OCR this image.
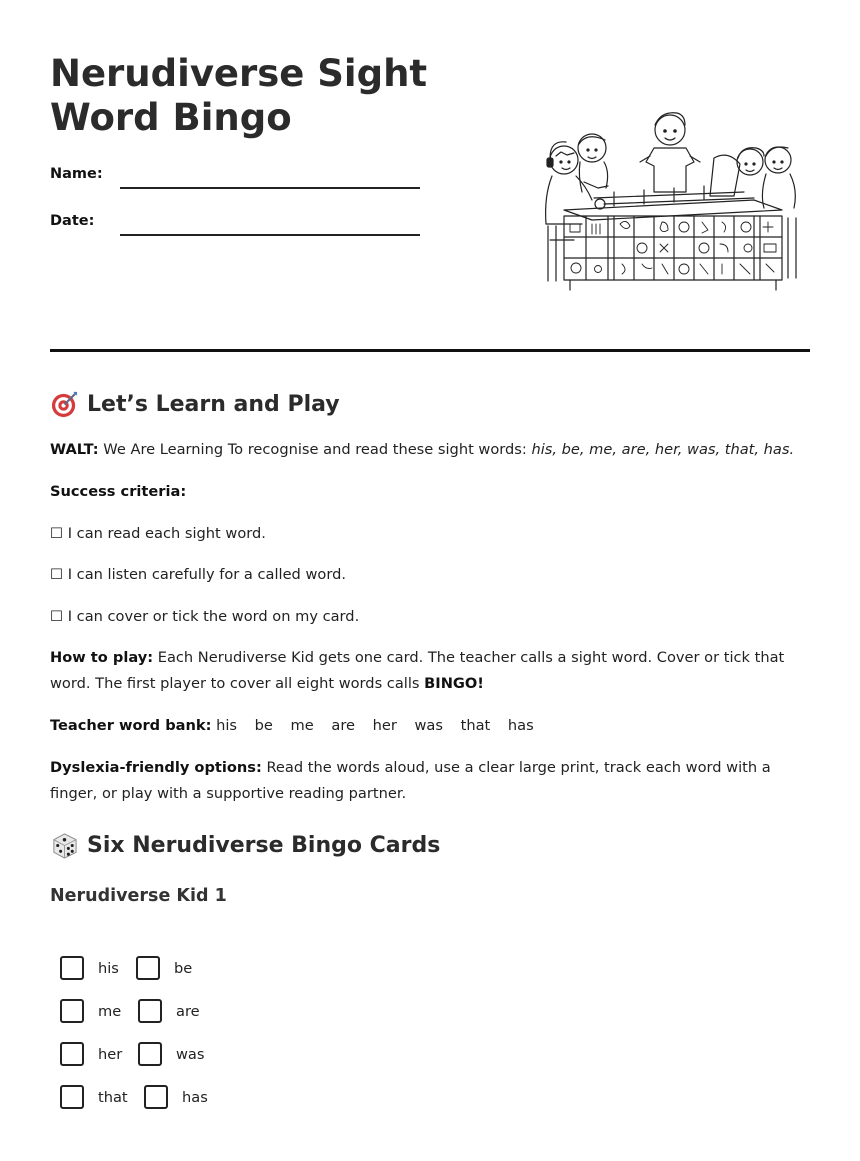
Nerudiverse Sight Word Bingo
Name:
Date:
Let’s Learn and Play

WALT: We Are Learning To recognise and read these sight words: his, be, me, are, her, was, that, has.

Success criteria:

☐ I can read each sight word.

☐ I can listen carefully for a called word.

☐ I can cover or tick the word on my card.

How to play: Each Nerudiverse Kid gets one card. The teacher calls a sight word. Cover or tick that word. The first player to cover all eight words calls BINGO!

Teacher word bank: his be me are her was that has

Dyslexia-friendly options: Read the words aloud, use a clear large print, track each word with a finger, or play with a supportive reading partner.

Six Nerudiverse Bingo Cards
Nerudiverse Kid 1
his	be
me	are
her	was
that	has
